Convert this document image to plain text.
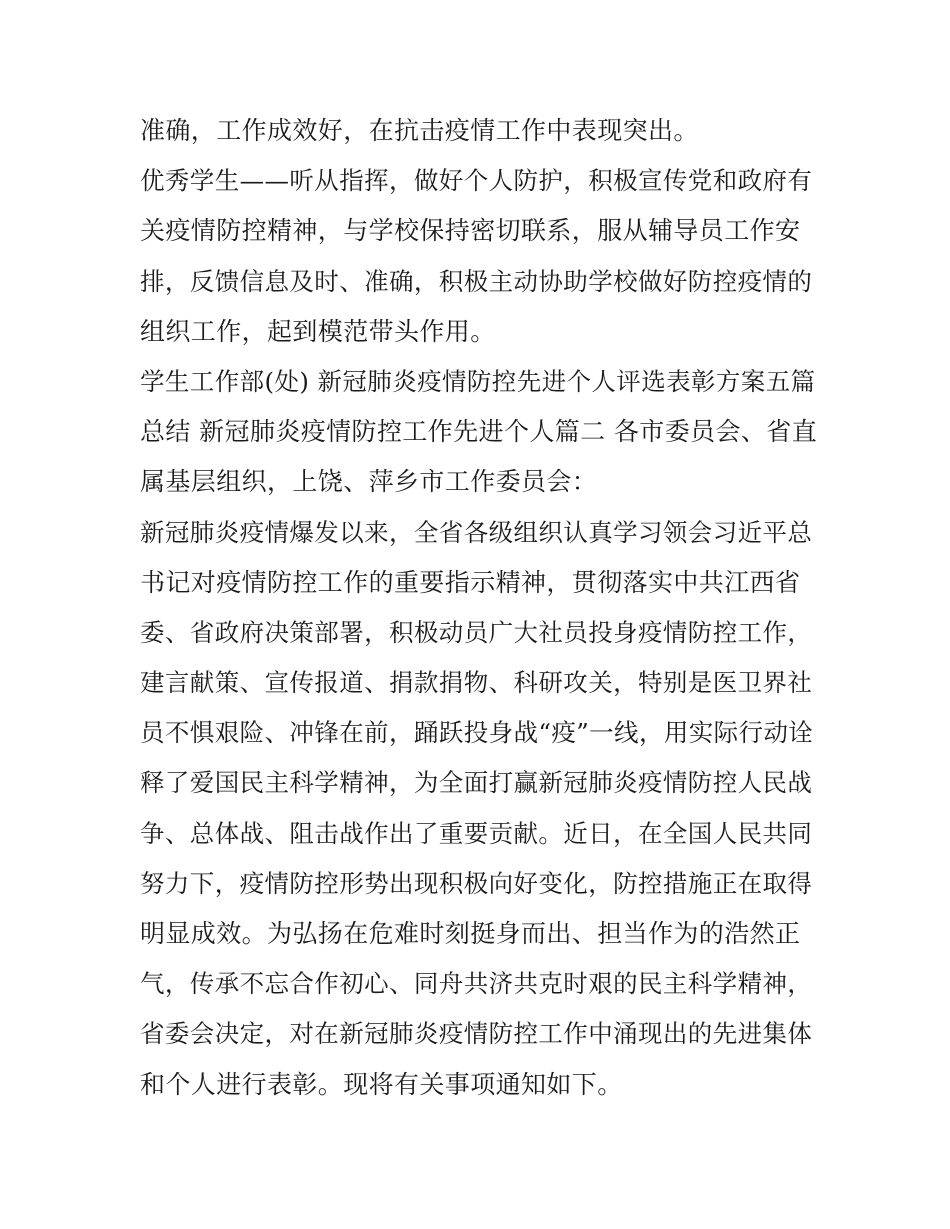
准确，工作成效好，在抗击疫情工作中表现突出。
优秀学生——听从指挥，做好个人防护，积极宣传党和政府有
关疫情防控精神，与学校保持密切联系，服从辅导员工作安
排，反馈信息及时、准确，积极主动协助学校做好防控疫情的
组织工作，起到模范带头作用。
学生工作部(处) 新冠肺炎疫情防控先进个人评选表彰方案五篇
总结 新冠肺炎疫情防控工作先进个人篇二 各市委员会、省直
属基层组织，上饶、萍乡市工作委员会：
新冠肺炎疫情爆发以来，全省各级组织认真学习领会习近平总
书记对疫情防控工作的重要指示精神，贯彻落实中共江西省
委、省政府决策部署，积极动员广大社员投身疫情防控工作，
建言献策、宣传报道、捐款捐物、科研攻关，特别是医卫界社
员不惧艰险、冲锋在前，踊跃投身战“疫”一线，用实际行动诠
释了爱国民主科学精神，为全面打赢新冠肺炎疫情防控人民战
争、总体战、阻击战作出了重要贡献。近日，在全国人民共同
努力下，疫情防控形势出现积极向好变化，防控措施正在取得
明显成效。为弘扬在危难时刻挺身而出、担当作为的浩然正
气，传承不忘合作初心、同舟共济共克时艰的民主科学精神，
省委会决定，对在新冠肺炎疫情防控工作中涌现出的先进集体
和个人进行表彰。现将有关事项通知如下。
